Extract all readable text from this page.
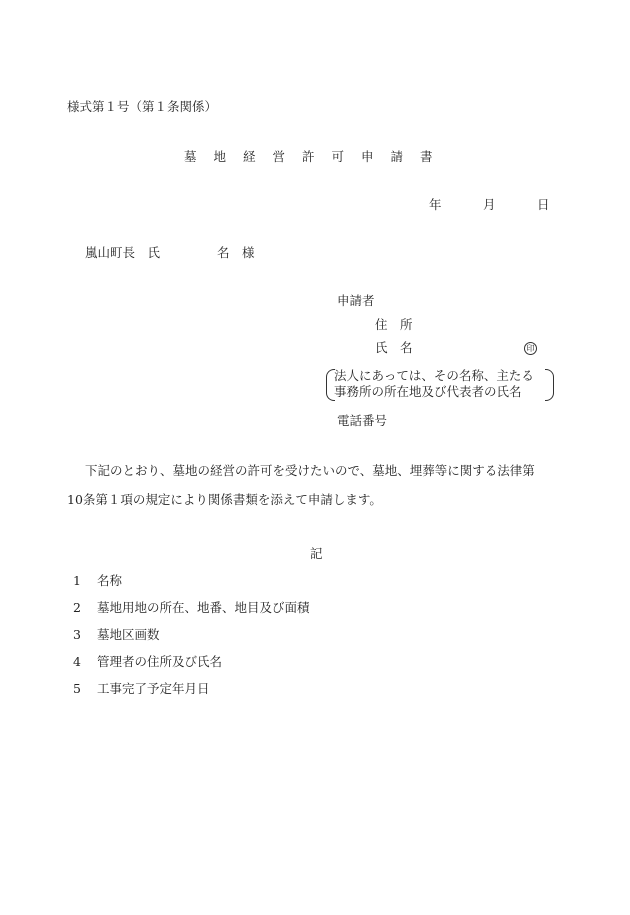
様式第１号（第１条関係）
墓地経営許可申請書
年	月	日
嵐山町長　氏	名　様
申請者
住　所
氏　名	印
法人にあっては、その名称、主たる
事務所の所在地及び代表者の氏名
電話番号
下記のとおり、墓地の経営の許可を受けたいので、墓地、埋葬等に関する法律第
10条第１項の規定により関係書類を添えて申請します。
記
1 名称
2 墓地用地の所在、地番、地目及び面積
3 墓地区画数
4 管理者の住所及び氏名
5 工事完了予定年月日
